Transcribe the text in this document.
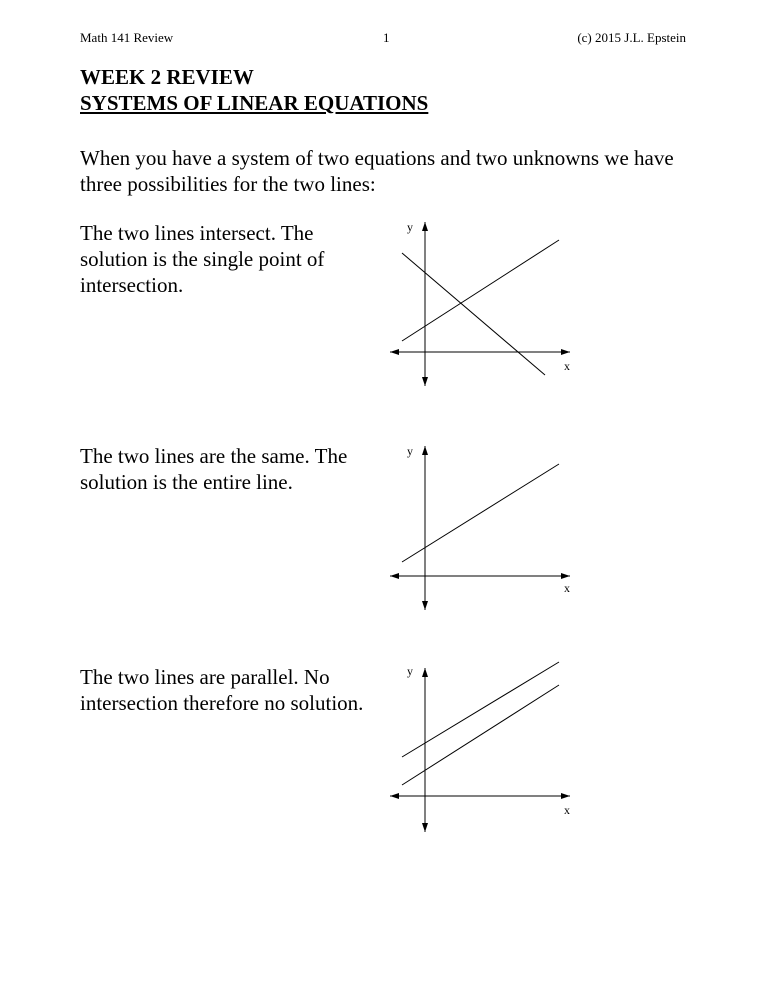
Math 141 Review	1	(c) 2015 J.L. Epstein
WEEK 2 REVIEW
SYSTEMS OF LINEAR EQUATIONS
When you have a system of two equations and two unknowns we have three possibilities for the two lines:
The two lines intersect. The solution is the single point of intersection.
y
x
The two lines are the same. The solution is the entire line.
y
x
The two lines are parallel. No intersection therefore no solution.
y
x
